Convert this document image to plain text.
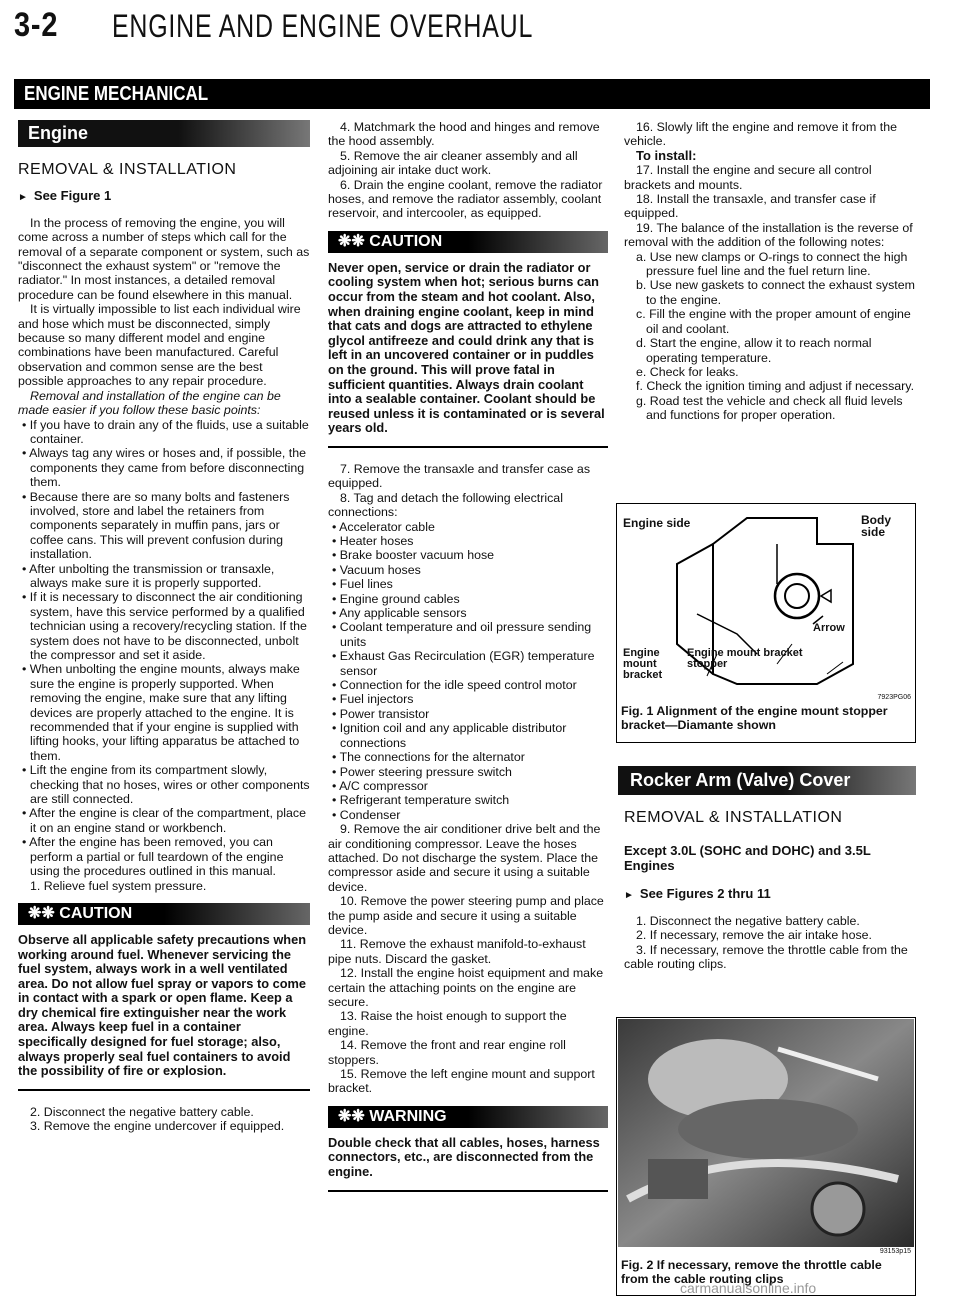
3-2 ENGINE AND ENGINE OVERHAUL
ENGINE MECHANICAL
Engine
REMOVAL & INSTALLATION
► See Figure 1

In the process of removing the engine, you will come across a number of steps which call for the removal of a separate component or system, such as "disconnect the exhaust system" or "remove the radiator." In most instances, a detailed removal procedure can be found elsewhere in this manual.

It is virtually impossible to list each individual wire and hose which must be disconnected, simply because so many different model and engine combinations have been manufactured. Careful observation and common sense are the best possible approaches to any repair procedure.

Removal and installation of the engine can be made easier if you follow these basic points:

• If you have to drain any of the fluids, use a suitable container.
• Always tag any wires or hoses and, if possible, the components they came from before disconnecting them.
• Because there are so many bolts and fasteners involved, store and label the retainers from components separately in muffin pans, jars or coffee cans. This will prevent confusion during installation.
• After unbolting the transmission or transaxle, always make sure it is properly supported.
• If it is necessary to disconnect the air conditioning system, have this service performed by a qualified technician using a recovery/recycling station. If the system does not have to be disconnected, unbolt the compressor and set it aside.
• When unbolting the engine mounts, always make sure the engine is properly supported. When removing the engine, make sure that any lifting devices are properly attached to the engine. It is recommended that if your engine is supplied with lifting hooks, your lifting apparatus be attached to them.
• Lift the engine from its compartment slowly, checking that no hoses, wires or other components are still connected.
• After the engine is clear of the compartment, place it on an engine stand or workbench.
• After the engine has been removed, you can perform a partial or full teardown of the engine using the procedures outlined in this manual.

1. Relieve fuel system pressure.

❋❋ CAUTION
Observe all applicable safety precautions when working around fuel. Whenever servicing the fuel system, always work in a well ventilated area. Do not allow fuel spray or vapors to come in contact with a spark or open flame. Keep a dry chemical fire extinguisher near the work area. Always keep fuel in a container specifically designed for fuel storage; also, always properly seal fuel containers to avoid the possibility of fire or explosion.

2. Disconnect the negative battery cable.

3. Remove the engine undercover if equipped.

4. Matchmark the hood and hinges and remove the hood assembly.

5. Remove the air cleaner assembly and all adjoining air intake duct work.

6. Drain the engine coolant, remove the radiator hoses, and remove the radiator assembly, coolant reservoir, and intercooler, as equipped.

❋❋ CAUTION
Never open, service or drain the radiator or cooling system when hot; serious burns can occur from the steam and hot coolant. Also, when draining engine coolant, keep in mind that cats and dogs are attracted to ethylene glycol antifreeze and could drink any that is left in an uncovered container or in puddles on the ground. This will prove fatal in sufficient quantities. Always drain coolant into a sealable container. Coolant should be reused unless it is contaminated or is several years old.

7. Remove the transaxle and transfer case as equipped.

8. Tag and detach the following electrical connections:

• Accelerator cable
• Heater hoses
• Brake booster vacuum hose
• Vacuum hoses
• Fuel lines
• Engine ground cables
• Any applicable sensors
• Coolant temperature and oil pressure sending units
• Exhaust Gas Recirculation (EGR) temperature sensor
• Connection for the idle speed control motor
• Fuel injectors
• Power transistor
• Ignition coil and any applicable distributor connections
• The connections for the alternator
• Power steering pressure switch
• A/C compressor
• Refrigerant temperature switch
• Condenser

9. Remove the air conditioner drive belt and the air conditioning compressor. Leave the hoses attached. Do not discharge the system. Place the compressor aside and secure it using a suitable device.

10. Remove the power steering pump and place the pump aside and secure it using a suitable device.

11. Remove the exhaust manifold-to-exhaust pipe nuts. Discard the gasket.

12. Install the engine hoist equipment and make certain the attaching points on the engine are secure.

13. Raise the hoist enough to support the engine.

14. Remove the front and rear engine roll stoppers.

15. Remove the left engine mount and support bracket.

❋❋ WARNING
Double check that all cables, hoses, harness connectors, etc., are disconnected from the engine.

16. Slowly lift the engine and remove it from the vehicle.

To install:

17. Install the engine and secure all control brackets and mounts.

18. Install the transaxle, and transfer case if equipped.

19. The balance of the installation is the reverse of removal with the addition of the following notes:

a. Use new clamps or O-rings to connect the high pressure fuel line and the fuel return line.
b. Use new gaskets to connect the exhaust system to the engine.
c. Fill the engine with the proper amount of engine oil and coolant.
d. Start the engine, allow it to reach normal operating temperature.
e. Check for leaks.
f. Check the ignition timing and adjust if necessary.
g. Road test the vehicle and check all fluid levels and functions for proper operation.
Engine side	Body side
Arrow
Engine mount bracket
Engine mount bracket stopper
7923PG06
Fig. 1 Alignment of the engine mount stopper bracket—Diamante shown
Rocker Arm (Valve) Cover
REMOVAL & INSTALLATION
Except 3.0L (SOHC and DOHC) and 3.5L Engines
► See Figures 2 thru 11

1. Disconnect the negative battery cable.

2. If necessary, remove the air intake hose.

3. If necessary, remove the throttle cable from the cable routing clips.

93153p15
Fig. 2 If necessary, remove the throttle cable from the cable routing clips
carmanualsonline.info
